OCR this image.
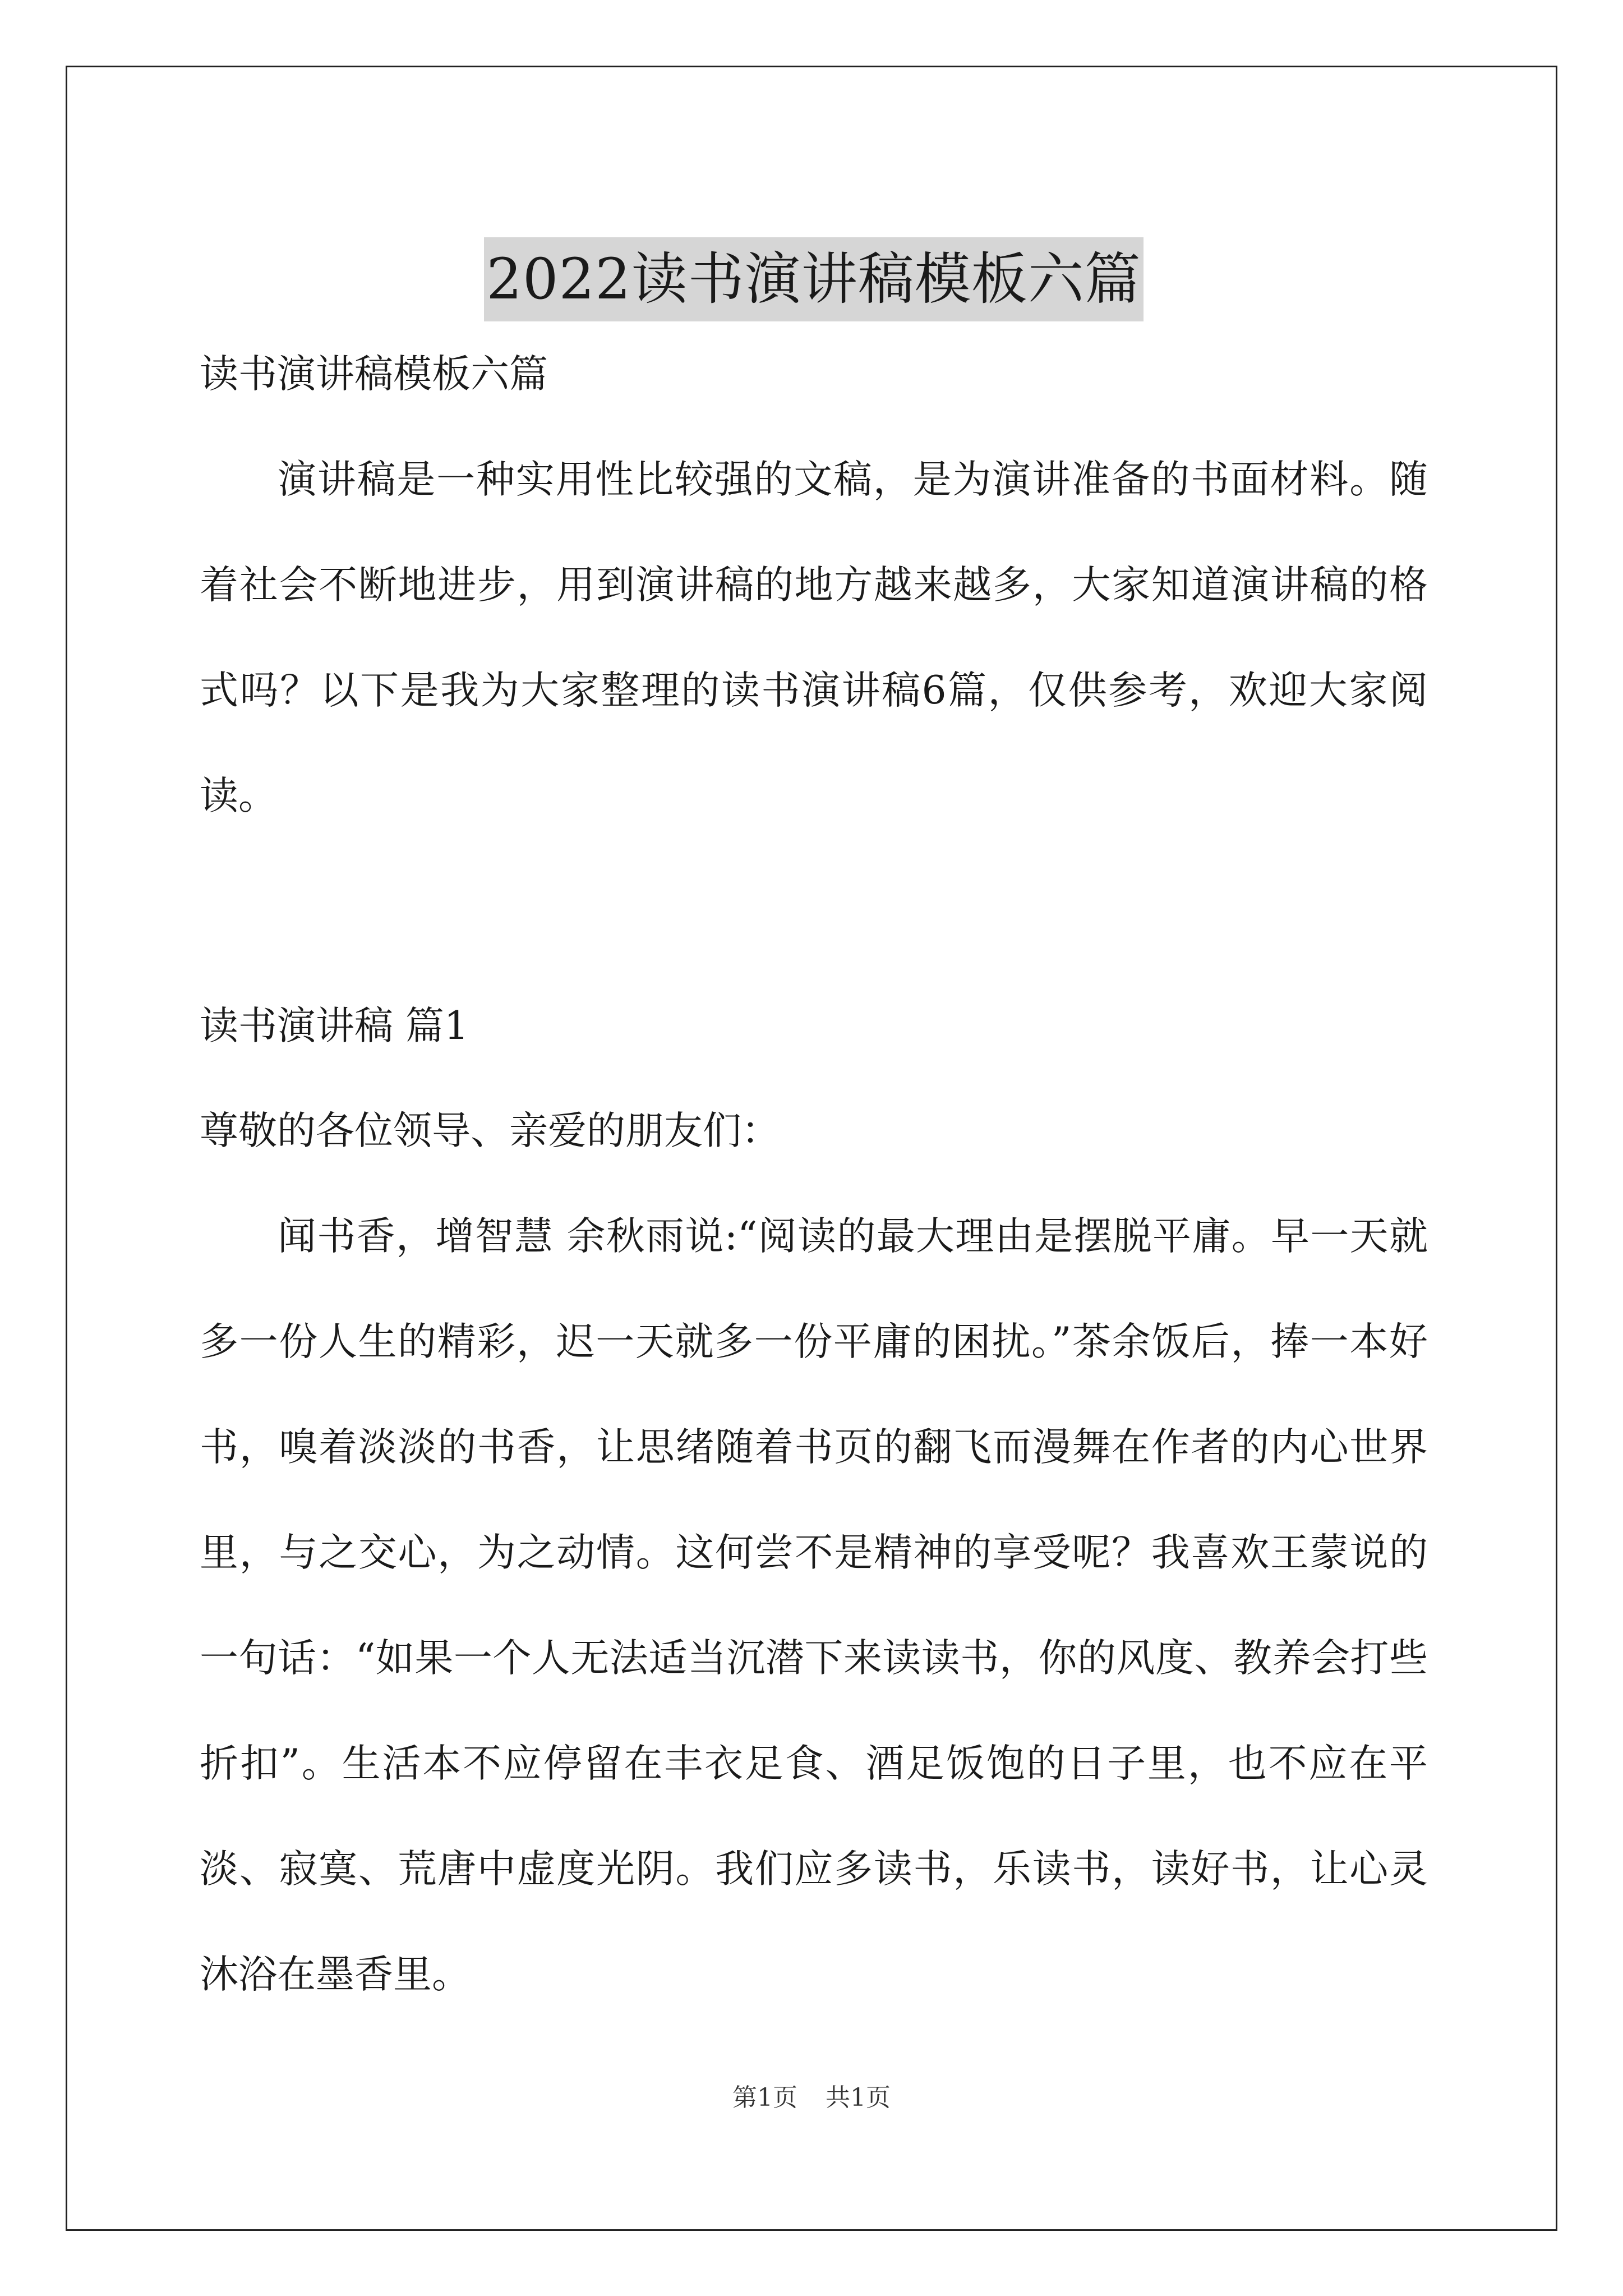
2022读书演讲稿模板六篇

读书演讲稿模板六篇

演讲稿是一种实用性比较强的文稿，是为演讲准备的书面材料。随着社会不断地进步，用到演讲稿的地方越来越多，大家知道演讲稿的格式吗？以下是我为大家整理的读书演讲稿6篇，仅供参考，欢迎大家阅读。

读书演讲稿 篇1

尊敬的各位领导、亲爱的朋友们：

闻书香，增智慧 余秋雨说:“阅读的最大理由是摆脱平庸。早一天就多一份人生的精彩，迟一天就多一份平庸的困扰。”茶余饭后，捧一本好书，嗅着淡淡的书香，让思绪随着书页的翻飞而漫舞在作者的内心世界里，与之交心，为之动情。这何尝不是精神的享受呢？我喜欢王蒙说的一句话：“如果一个人无法适当沉潜下来读读书，你的风度、教养会打些折扣”。生活本不应停留在丰衣足食、酒足饭饱的日子里，也不应在平淡、寂寞、荒唐中虚度光阴。我们应多读书，乐读书，读好书，让心灵沐浴在墨香里。

第1页 共1页
